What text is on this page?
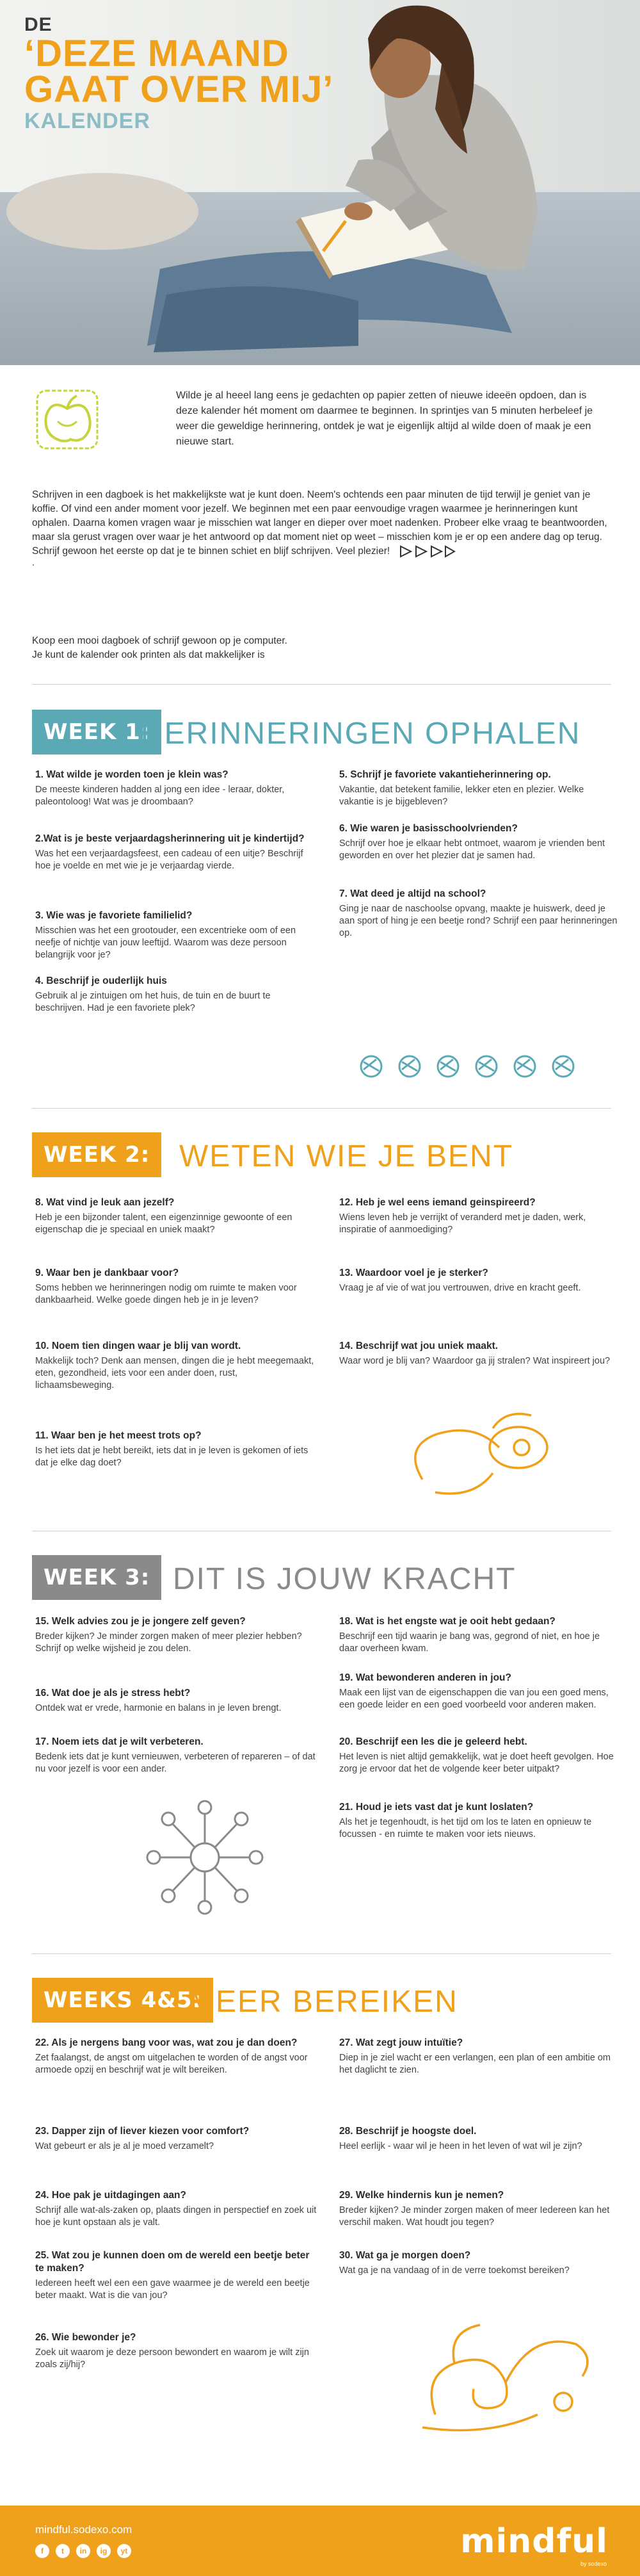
DE
‘DEZE MAAND
GAAT OVER MIJ’
KALENDER

Wilde je al heeel lang eens je gedachten op papier zetten of nieuwe ideeën opdoen, dan is deze kalender hét moment om daarmee te beginnen. In sprintjes van 5 minuten herbeleef je weer die geweldige herinnering, ontdek je wat je eigenlijk altijd al wilde doen of maak je een nieuwe start.

Schrijven in een dagboek is het makkelijkste wat je kunt doen. Neem's ochtends een paar minuten de tijd terwijl je geniet van je koffie. Of vind een ander moment voor jezelf. We beginnen met een paar eenvoudige vragen waarmee je herinneringen kunt ophalen. Daarna komen vragen waar je misschien wat langer en dieper over moet nadenken. Probeer elke vraag te beantwoorden, maar sla gerust vragen over waar je het antwoord op dat moment niet op weet – misschien kom je er op een andere dag op terug. Schrijf gewoon het eerste op dat je te binnen schiet en blijf schrijven. Veel plezier!

.
Koop een mooi dagboek of schrijf gewoon op je computer.
Je kunt de kalender ook printen als dat makkelijker is
WEEK 1:
HERINNERINGEN OPHALEN
1. Wat wilde je worden toen je klein was?
De meeste kinderen hadden al jong een idee - leraar, dokter, paleontoloog! Wat was je droombaan?
2.Wat is je beste verjaardagsherinnering uit je kindertijd?
Was het een verjaardagsfeest, een cadeau of een uitje? Beschrijf hoe je voelde en met wie je je verjaardag vierde.
3. Wie was je favoriete familielid?
Misschien was het een grootouder, een excentrieke oom of een neefje of nichtje van jouw leeftijd. Waarom was deze persoon belangrijk voor je?
4. Beschrijf je ouderlijk huis
Gebruik al je zintuigen om het huis, de tuin en de buurt te beschrijven. Had je een favoriete plek?
5. Schrijf je favoriete vakantieherinnering op.
Vakantie, dat betekent familie, lekker eten en plezier. Welke vakantie is je bijgebleven?
6. Wie waren je basisschoolvrienden?
Schrijf over hoe je elkaar hebt ontmoet, waarom je vrienden bent geworden en over het plezier dat je samen had.
7. Wat deed je altijd na school?
Ging je naar de naschoolse opvang, maakte je huiswerk, deed je aan sport of hing je een beetje rond? Schrijf een paar herinneringen op.
WEEK 2: WETEN WIE JE BENT
8. Wat vind je leuk aan jezelf?
Heb je een bijzonder talent, een eigenzinnige gewoonte of een eigenschap die je speciaal en uniek maakt?
9. Waar ben je dankbaar voor?
Soms hebben we herinneringen nodig om ruimte te maken voor dankbaarheid. Welke goede dingen heb je in je leven?
10. Noem tien dingen waar je blij van wordt.
Makkelijk toch? Denk aan mensen, dingen die je hebt meegemaakt, eten, gezondheid, iets voor een ander doen, rust, lichaamsbeweging.
11. Waar ben je het meest trots op?
Is het iets dat je hebt bereikt, iets dat in je leven is gekomen of iets dat je elke dag doet?
12. Heb je wel eens iemand geinspireerd?
Wiens leven heb je verrijkt of veranderd met je daden, werk, inspiratie of aanmoediging?
13. Waardoor voel je je sterker?
Vraag je af vie of wat jou vertrouwen, drive en kracht geeft.
14. Beschrijf wat jou uniek maakt.
Waar word je blij van? Waardoor ga jij stralen? Wat inspireert jou?
WEEK 3: DIT IS JOUW KRACHT
15. Welk advies zou je je jongere zelf geven?
Breder kijken? Je minder zorgen maken of meer plezier hebben? Schrijf op welke wijsheid je zou delen.
16. Wat doe je als je stress hebt?
Ontdek wat er vrede, harmonie en balans in je leven brengt.
17. Noem iets dat je wilt verbeteren.
Bedenk iets dat je kunt vernieuwen, verbeteren of repareren – of dat nu voor jezelf is voor een ander.
18. Wat is het engste wat je ooit hebt gedaan?
Beschrijf een tijd waarin je bang was, gegrond of niet, en hoe je daar overheen kwam.
19. Wat bewonderen anderen in jou?
Maak een lijst van de eigenschappen die van jou een goed mens, een goede leider en een goed voorbeeld voor anderen maken.
20. Beschrijf een les die je geleerd hebt.
Het leven is niet altijd gemakkelijk, wat je doet heeft gevolgen. Hoe zorg je ervoor dat het de volgende keer beter uitpakt?
21. Houd je iets vast dat je kunt loslaten?
Als het je tegenhoudt, is het tijd om los te laten en opnieuw te focussen - en ruimte te maken voor iets nieuws.
WEEKS 4&5:
MEER BEREIKEN
22. Als je nergens bang voor was, wat zou je dan doen?
Zet faalangst, de angst om uitgelachen te worden of de angst voor armoede opzij en beschrijf wat je wilt bereiken.
23. Dapper zijn of liever kiezen voor comfort?
Wat gebeurt er als je al je moed verzamelt?
24. Hoe pak je uitdagingen aan?
Schrijf alle wat-als-zaken op, plaats dingen in perspectief en zoek uit hoe je kunt opstaan als je valt.
25. Wat zou je kunnen doen om de wereld een beetje beter te maken?
Iedereen heeft wel een een gave waarmee je de wereld een beetje beter maakt. Wat is die van jou?
26. Wie bewonder je?
Zoek uit waarom je deze persoon bewondert en waarom je wilt zijn zoals zij/hij?
27. Wat zegt jouw intuïtie?
Diep in je ziel wacht er een verlangen, een plan of een ambitie om het daglicht te zien.
28. Beschrijf je hoogste doel.
Heel eerlijk - waar wil je heen in het leven of wat wil je zijn?
29. Welke hindernis kun je nemen?
Breder kijken? Je minder zorgen maken of meer Iedereen kan het verschil maken. Wat houdt jou tegen?
30. Wat ga je morgen doen?
Wat ga je na vandaag of in de verre toekomst bereiken?
mindful.sodexo.com
f	t	in	ig	yt	mindful
by sodexo
